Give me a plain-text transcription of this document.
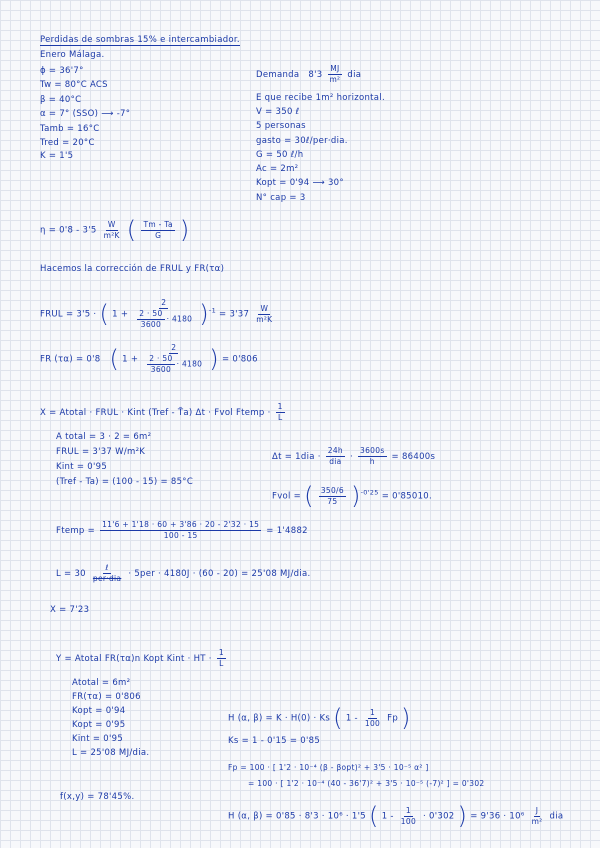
Perdidas de sombras 15% e intercambiador.
Enero Málaga.
ϕ = 36'7°
Tw = 80°C ACS
β = 40°C
α = 7° (SSO) ⟶ -7°
Tamb = 16°C
Tred = 20°C
K = 1'5
Demanda $8'3 \frac{MJ}{\text{m²}}$ dia
E que recibe 1m² horizontal.
V = 350 ℓ
5 personas
gasto = 30ℓ/per·dia.
G = 50 ℓ/h
Ac = 2m²
Kopt = 0'94 ⟶ 30°
N° cap = 3
$\eta = 0'8 - 3'5 \frac{W}{\text{m²K}}$ ( $\frac{Tm - Ta}{G}$ )
Hacemos la corrección de FRUL y FR(τα)
FRUL = 3'5 · ( $1 + \frac{2}{\frac{2 \cdot 50}{3600} \cdot 4180} )^{-1} = 3'37 \frac{W}{\text{m²K}}$
FR (τα) = 0'8 ( $1 + \frac{2}{\frac{2 \cdot 50}{3600} \cdot 4180}$ ) = 0'806
X = Atotal · FRUL · Kint (Tref - T̄a) Δt · Fvol Ftemp · $\frac{1}{L}$
A total = 3 · 2 = 6m²
FRUL = 3'37 W/m²K
Kint = 0'95
(Tref - Ta) = (100 - 15) = 85°C
$\Delta t = 1dia \cdot \frac{24h}{\text{dia}} \cdot \frac{3600s}{h} = 86400s$
Fvol = ( $\frac{350/6}{75} )^{-0'25} = 0'85010$.
Ftemp = $\frac{11'6 + 1'18 \cdot 60 + 3'86 \cdot 20 - 2'32 \cdot 15}{100 - 15} = 1'4882$
$L = 30 \frac{\text{ℓ}}{\text{per·dia}} \cdot 5per \cdot 4180J \cdot (60 - 20) = 25'08$ MJ/dia.
X = 7'23
Y = Atotal FR(τα)n Kopt Kint · HT · $\frac{1}{L}$
Atotal = 6m²
FR(τα) = 0'806
Kopt = 0'94
Kopt = 0'95
Kint = 0'95
L = 25'08 MJ/dia.
H (α, β) = K · H(0) · Ks ( $1 - \frac{1}{100}$ Fp )
Ks = 1 - 0'15 = 0'85
Fp = 100 · [ 1'2 · 10⁻⁴ (β - βopt)² + 3'5 · 10⁻⁵ α² ]
= 100 · [ 1'2 · 10⁻⁴ (40 - 36'7)² + 3'5 · 10⁻⁵ (-7)² ] = 0'302
f(x,y) = 78'45%.
H (α, β) = 0'85 · 8'3 · 10⁶ · 1'5 ( $1 - \frac{1}{100} \cdot 0'302$ ) = $9'36 \cdot 10^6 \frac{J}{\text{m²}}$ dia
